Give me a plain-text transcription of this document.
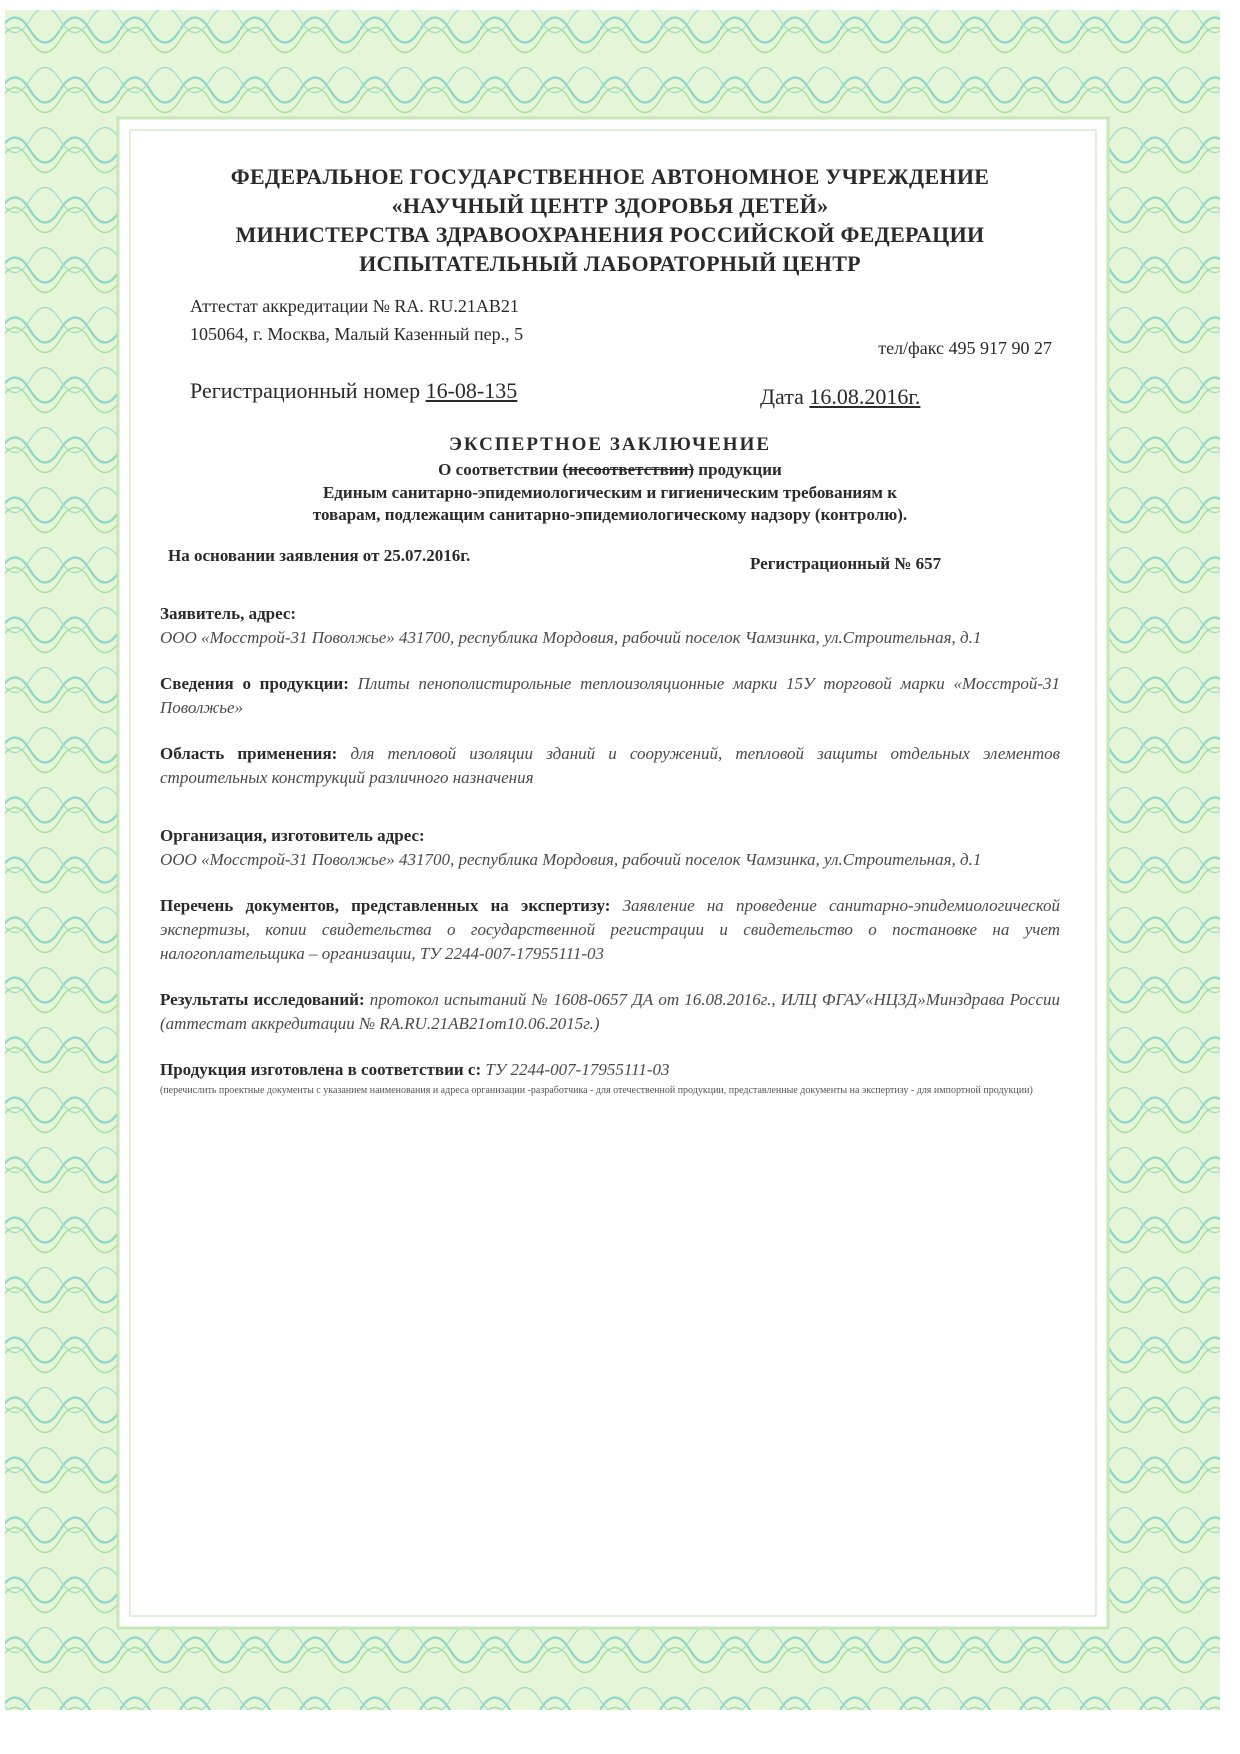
ФЕДЕРАЛЬНОЕ ГОСУДАРСТВЕННОЕ АВТОНОМНОЕ УЧРЕЖДЕНИЕ
«НАУЧНЫЙ ЦЕНТР ЗДОРОВЬЯ ДЕТЕЙ»
МИНИСТЕРСТВА ЗДРАВООХРАНЕНИЯ РОССИЙСКОЙ ФЕДЕРАЦИИ
ИСПЫТАТЕЛЬНЫЙ ЛАБОРАТОРНЫЙ ЦЕНТР
Аттестат аккредитации № RA. RU.21AB21
105064, г. Москва, Малый Казенный пер., 5
тел/факс 495 917 90 27
Регистрационный номер 16-08-135	Дата 16.08.2016г.
ЭКСПЕРТНОЕ ЗАКЛЮЧЕНИЕ
О соответствии (несоответствии) продукции
Единым санитарно-эпидемиологическим и гигиеническим требованиям к
товарам, подлежащим санитарно-эпидемиологическому надзору (контролю).
На основании заявления от 25.07.2016г.	Регистрационный № 657
Заявитель, адрес:
ООО «Мосстрой-31 Поволжье» 431700, республика Мордовия, рабочий поселок Чамзинка, ул.Строительная, д.1
Сведения о продукции: Плиты пенополистирольные теплоизоляционные марки 15У торговой марки «Мосстрой-31 Поволжье»
Область применения: для тепловой изоляции зданий и сооружений, тепловой защиты отдельных элементов строительных конструкций различного назначения
Организация, изготовитель адрес:
ООО «Мосстрой-31 Поволжье» 431700, республика Мордовия, рабочий поселок Чамзинка, ул.Строительная, д.1
Перечень документов, представленных на экспертизу: Заявление на проведение санитарно-эпидемиологической экспертизы, копии свидетельства о государственной регистрации и свидетельство о постановке на учет налогоплательщика – организации, ТУ 2244-007-17955111-03
Результаты исследований: протокол испытаний № 1608-0657 ДА от 16.08.2016г., ИЛЦ ФГАУ«НЦЗД»Минздрава России (аттестат аккредитации № RA.RU.21AB21от10.06.2015г.)
Продукция изготовлена в соответствии с: ТУ 2244-007-17955111-03
(перечислить проектные документы с указанием наименования и адреса организации -разработчика - для отечественной продукции, представленные документы на экспертизу - для импортной продукции)
